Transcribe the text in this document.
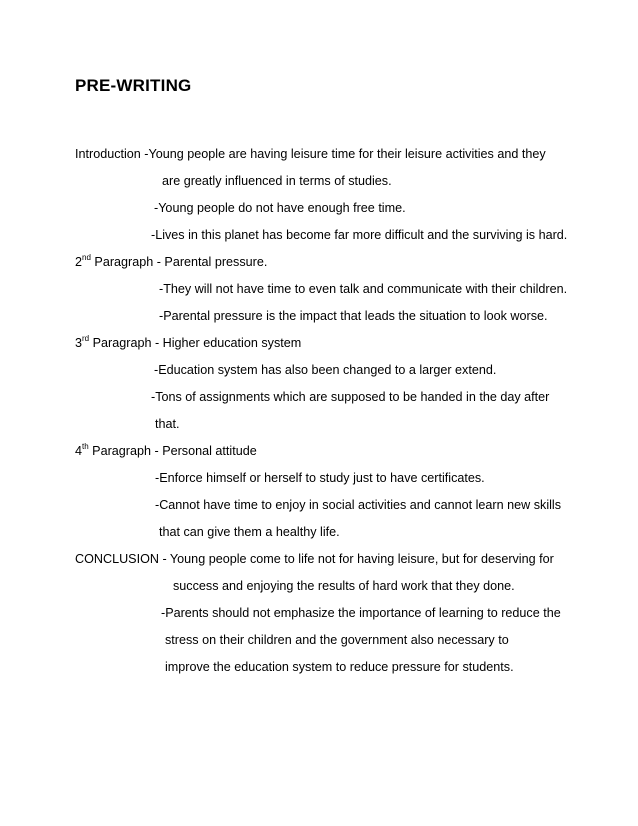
PRE-WRITING
Introduction -Young people are having leisure time for their leisure activities and they
are greatly influenced in terms of studies.
-Young people do not have enough free time.
-Lives in this planet has become far more difficult and the surviving is hard.
2nd Paragraph - Parental pressure.
-They will not have time to even talk and communicate with their children.
-Parental pressure is the impact that leads the situation to look worse.
3rd Paragraph - Higher education system
-Education system has also been changed to a larger extend.
-Tons of assignments which are supposed to be handed in the day after
that.
4th Paragraph - Personal attitude
-Enforce himself or herself to study just to have certificates.
-Cannot have time to enjoy in social activities and cannot learn new skills
that can give them a healthy life.
CONCLUSION - Young people come to life not for having leisure, but for deserving for
success and enjoying the results of hard work that they done.
-Parents should not emphasize the importance of learning to reduce the
stress on their children and the government also necessary to
improve the education system to reduce pressure for students.
